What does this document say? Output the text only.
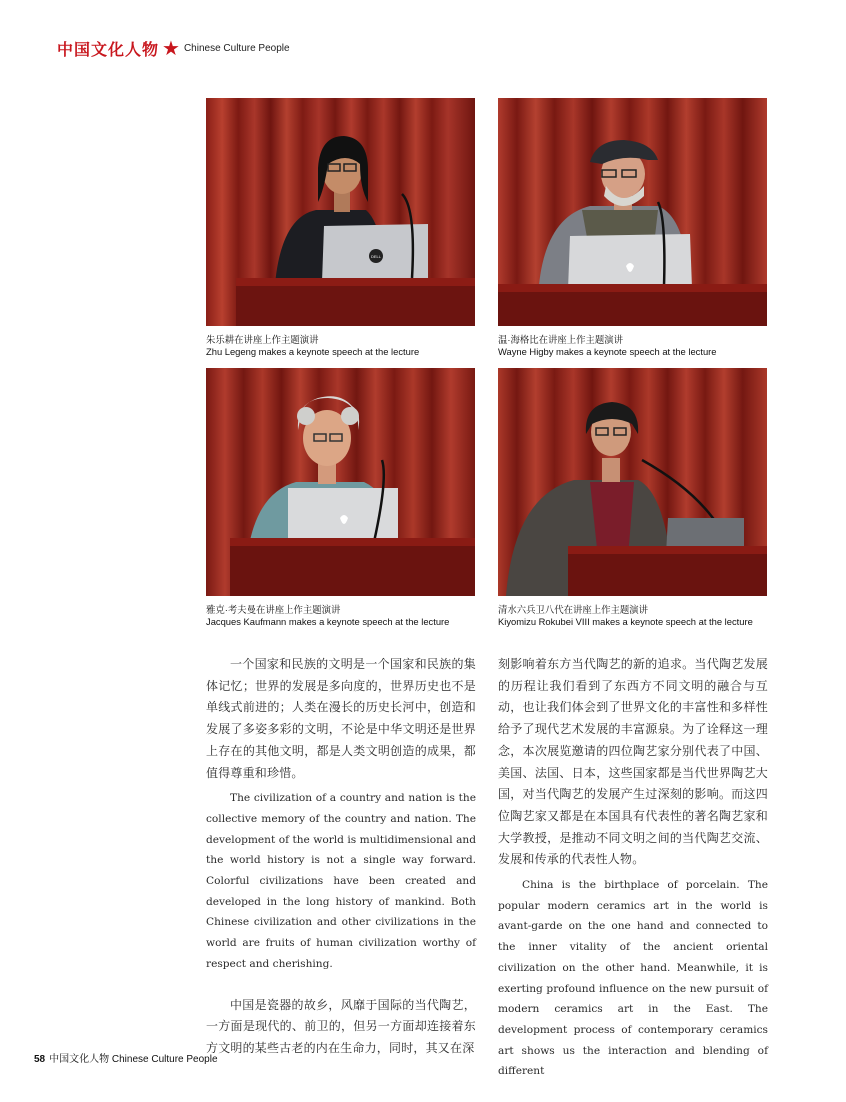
中国文化人物 ★ Chinese Culture People
DELL
朱乐耕在讲座上作主题演讲
Zhu Legeng makes a keynote speech at the lecture
温·海格比在讲座上作主题演讲
Wayne Higby makes a keynote speech at the lecture
雅克·考夫曼在讲座上作主题演讲
Jacques Kaufmann makes a keynote speech at the lecture
清水六兵卫八代在讲座上作主题演讲
Kiyomizu Rokubei VIII makes a keynote speech at the lecture

一个国家和民族的文明是一个国家和民族的集体记忆；世界的发展是多向度的，世界历史也不是单线式前进的；人类在漫长的历史长河中，创造和发展了多姿多彩的文明，不论是中华文明还是世界上存在的其他文明，都是人类文明创造的成果，都值得尊重和珍惜。

The civilization of a country and nation is the collective memory of the country and nation. The development of the world is multidimensional and the world history is not a single way forward. Colorful civilizations have been created and developed in the long history of mankind. Both Chinese civilization and other civilizations in the world are fruits of human civilization worthy of respect and cherishing.

中国是瓷器的故乡，风靡于国际的当代陶艺，一方面是现代的、前卫的，但另一方面却连接着东方文明的某些古老的内在生命力，同时，其又在深

刻影响着东方当代陶艺的新的追求。当代陶艺发展的历程让我们看到了东西方不同文明的融合与互动，也让我们体会到了世界文化的丰富性和多样性给予了现代艺术发展的丰富源泉。为了诠释这一理念，本次展览邀请的四位陶艺家分别代表了中国、美国、法国、日本，这些国家都是当代世界陶艺大国，对当代陶艺的发展产生过深刻的影响。而这四位陶艺家又都是在本国具有代表性的著名陶艺家和大学教授，是推动不同文明之间的当代陶艺交流、发展和传承的代表性人物。

China is the birthplace of porcelain. The popular modern ceramics art in the world is avant-garde on the one hand and connected to the inner vitality of the ancient oriental civilization on the other hand. Meanwhile, it is exerting profound influence on the new pursuit of modern ceramics art in the East. The development process of contemporary ceramics art shows us the interaction and blending of different

58 中国文化人物 Chinese Culture People
